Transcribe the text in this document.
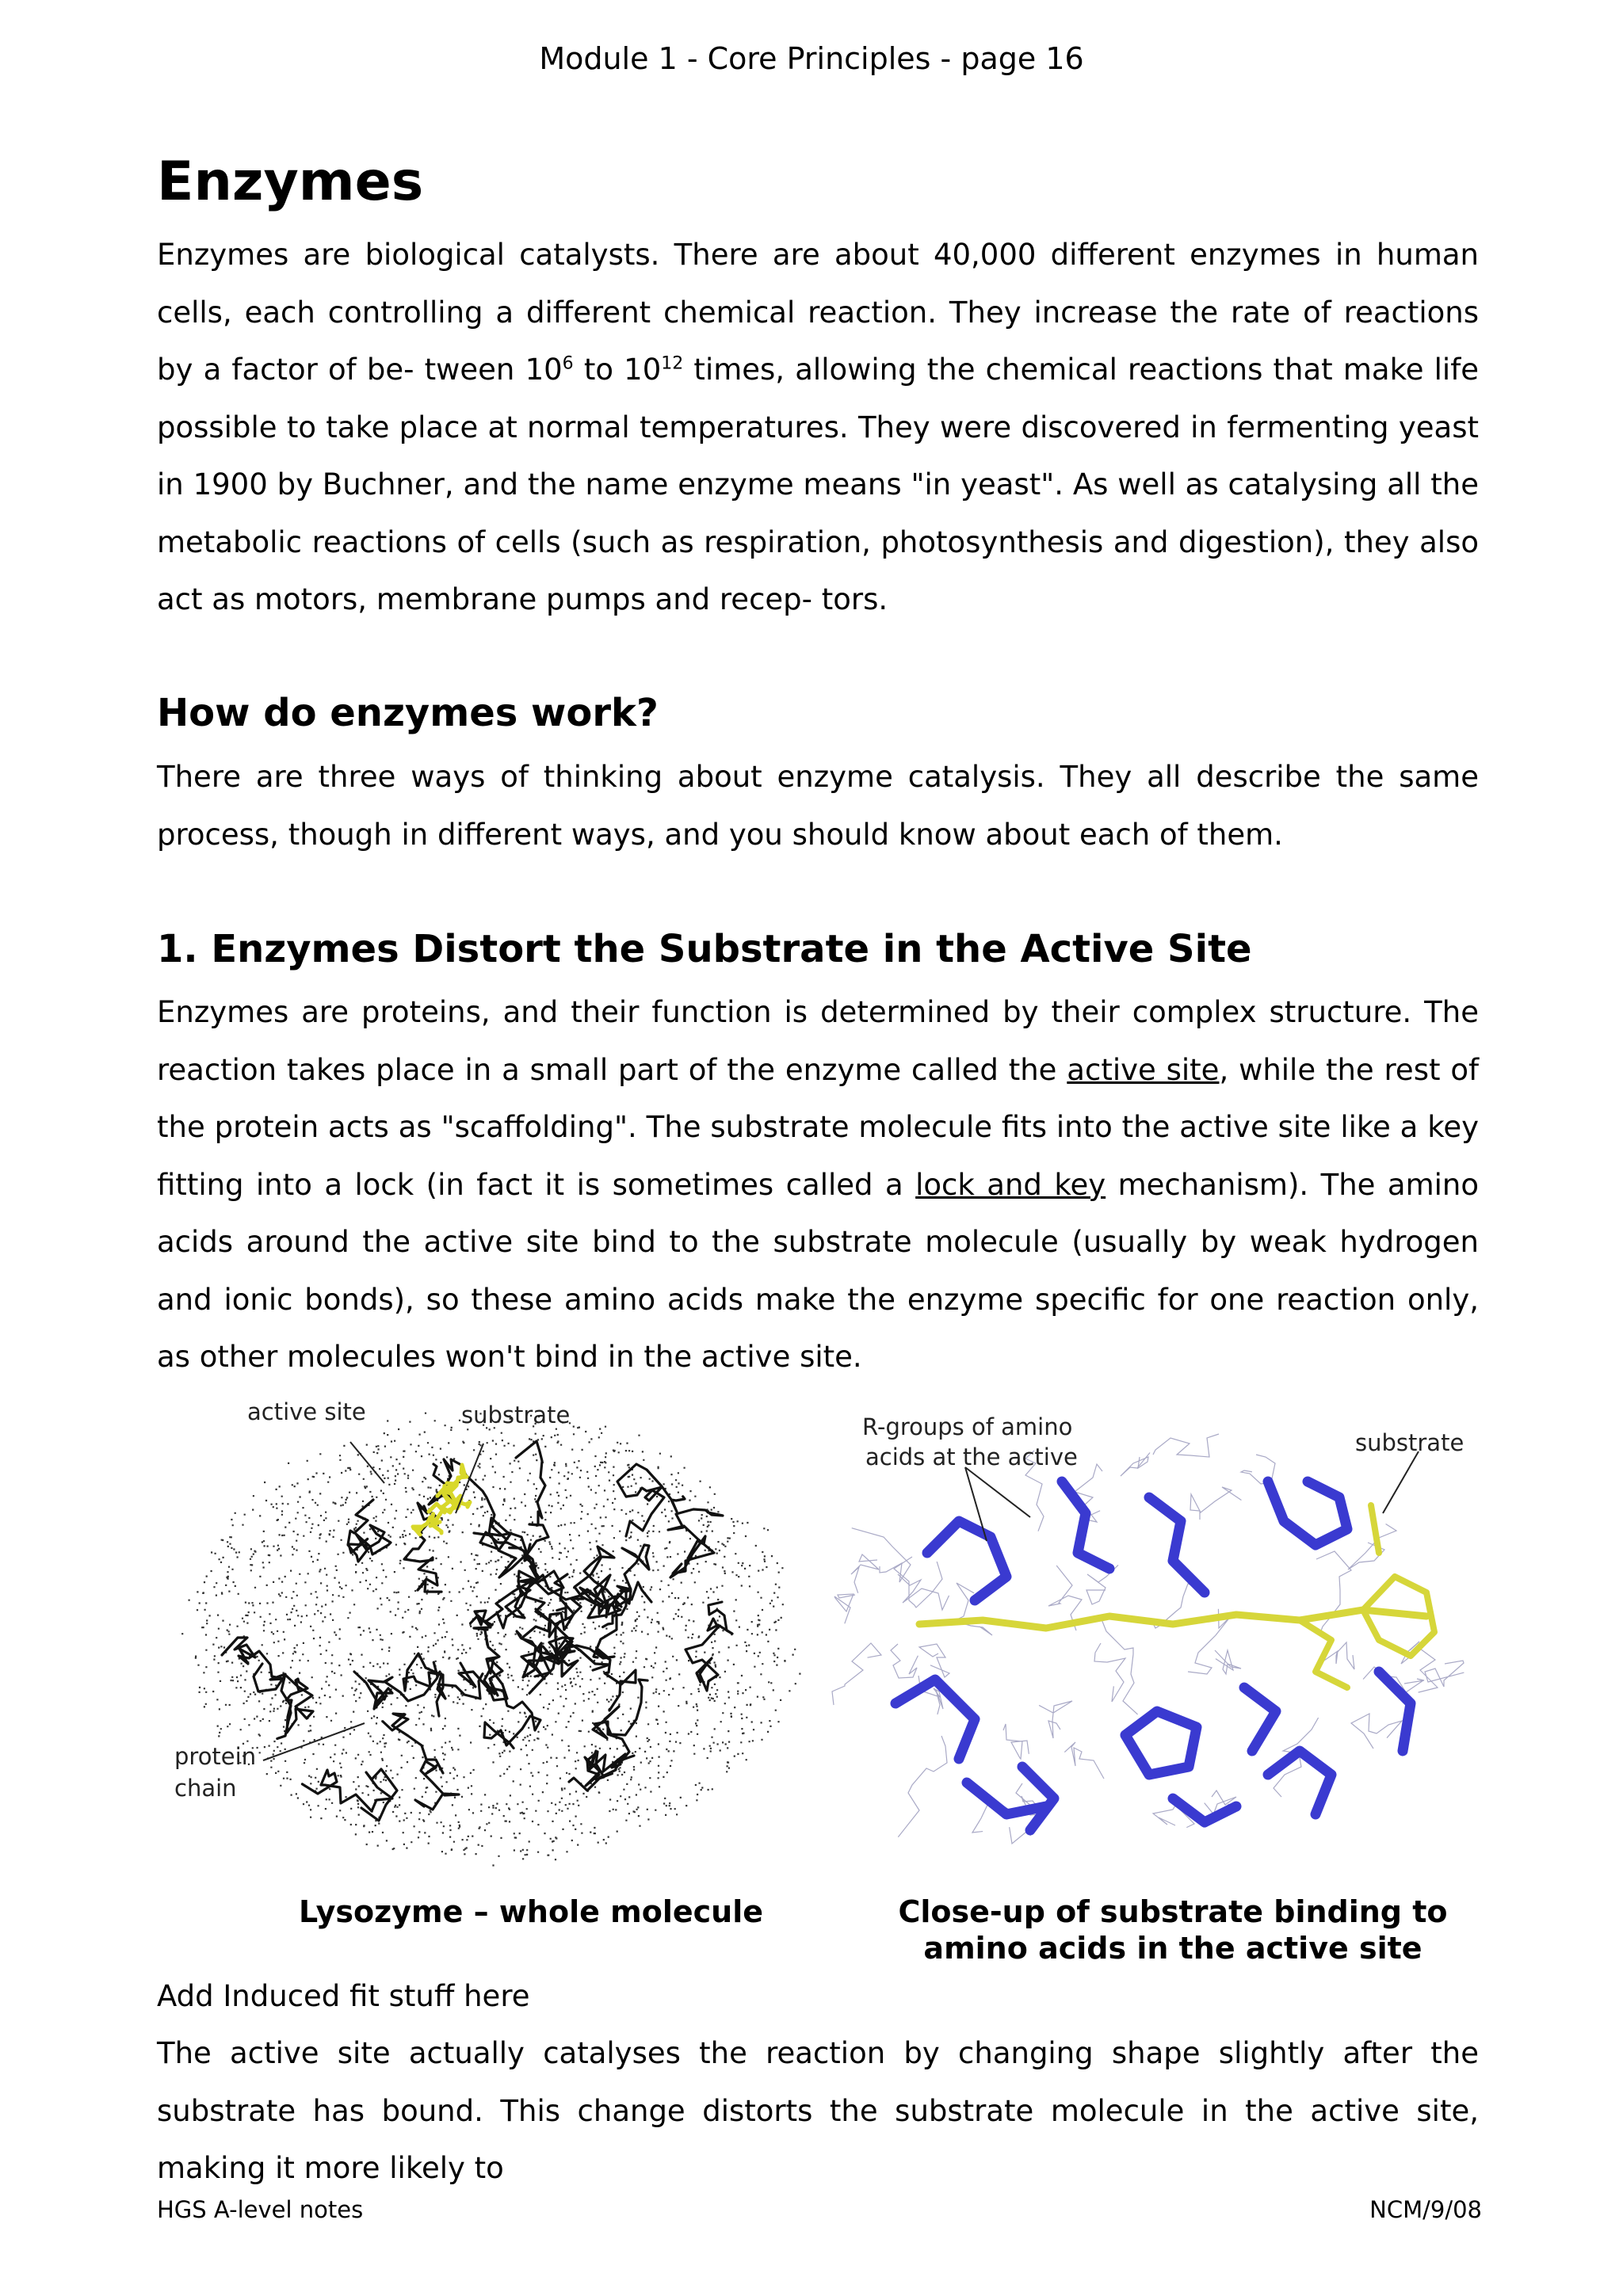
Module 1 - Core Principles - page 16
Enzymes

Enzymes are biological catalysts. There are about 40,000 different enzymes in human cells, each controlling a different chemical reaction. They increase the rate of reactions by a factor of be- tween $10^6$ to $10^{12}$ times, allowing the chemical reactions that make life possible to take place at normal temperatures. They were discovered in fermenting yeast in 1900 by Buchner, and the name enzyme means "in yeast". As well as catalysing all the metabolic reactions of cells (such as respiration, photosynthesis and digestion), they also act as motors, membrane pumps and recep- tors.

How do enzymes work?

There are three ways of thinking about enzyme catalysis. They all describe the same process, though in different ways, and you should know about each of them.

1. Enzymes Distort the Substrate in the Active Site

Enzymes are proteins, and their function is determined by their complex structure. The reaction takes place in a small part of the enzyme called the active site, while the rest of the protein acts as "scaffolding". The substrate molecule fits into the active site like a key fitting into a lock (in fact it is sometimes called a lock and key mechanism). The amino acids around the active site bind to the substrate molecule (usually by weak hydrogen and ionic bonds), so these amino acids make the enzyme specific for one reaction only, as other molecules won't bind in the active site.

active site	substrate
protein
chain
Lysozyme – whole molecule
R-groups of amino
acids at the active
substrate
Close-up of substrate binding to
amino acids in the active site

Add Induced fit stuff here

The active site actually catalyses the reaction by changing shape slightly after the substrate has bound. This change distorts the substrate molecule in the active site, making it more likely to

HGS A-level notes	NCM/9/08
